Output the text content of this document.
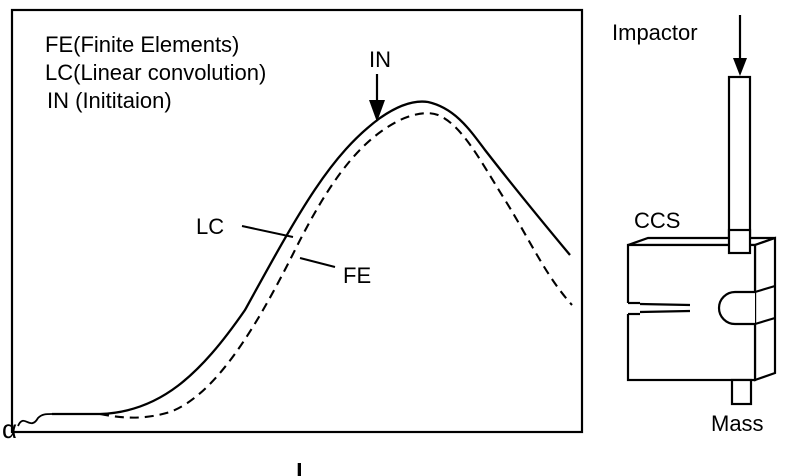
FE(Finite Elements)
LC(Linear convolution)
IN (Inititaion)
α
IN
LC
FE
ı
Impactor
CCS
Mass
